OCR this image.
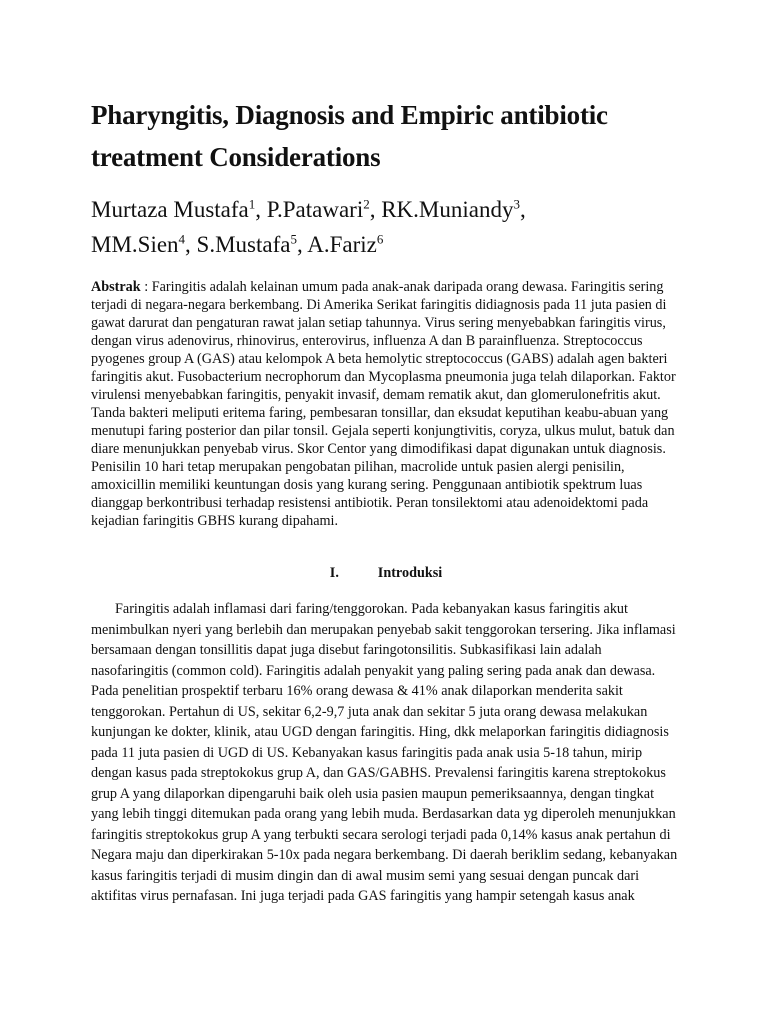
Pharyngitis, Diagnosis and Empiric antibiotic treatment Considerations

Murtaza Mustafa$^1$, P.Patawari$^2$, RK.Muniandy$^3$,
MM.Sien$^4$, S.Mustafa$^5$, A.Fariz$^6$

Abstrak : Faringitis adalah kelainan umum pada anak-anak daripada orang dewasa. Faringitis sering terjadi di negara-negara berkembang. Di Amerika Serikat faringitis didiagnosis pada 11 juta pasien di gawat darurat dan pengaturan rawat jalan setiap tahunnya. Virus sering menyebabkan faringitis virus, dengan virus adenovirus, rhinovirus, enterovirus, influenza A dan B parainfluenza. Streptococcus pyogenes group A (GAS) atau kelompok A beta hemolytic streptococcus (GABS) adalah agen bakteri faringitis akut. Fusobacterium necrophorum dan Mycoplasma pneumonia juga telah dilaporkan. Faktor virulensi menyebabkan faringitis, penyakit invasif, demam rematik akut, dan glomerulonefritis akut. Tanda bakteri meliputi eritema faring, pembesaran tonsillar, dan eksudat keputihan keabu-abuan yang menutupi faring posterior dan pilar tonsil. Gejala seperti konjungtivitis, coryza, ulkus mulut, batuk dan diare menunjukkan penyebab virus. Skor Centor yang dimodifikasi dapat digunakan untuk diagnosis. Penisilin 10 hari tetap merupakan pengobatan pilihan, macrolide untuk pasien alergi penisilin, amoxicillin memiliki keuntungan dosis yang kurang sering. Penggunaan antibiotik spektrum luas dianggap berkontribusi terhadap resistensi antibiotik. Peran tonsilektomi atau adenoidektomi pada kejadian faringitis GBHS kurang dipahami.

I.	Introduksi

Faringitis adalah inflamasi dari faring/tenggorokan. Pada kebanyakan kasus faringitis akut menimbulkan nyeri yang berlebih dan merupakan penyebab sakit tenggorokan tersering. Jika inflamasi bersamaan dengan tonsillitis dapat juga disebut faringotonsilitis. Subkasifikasi lain adalah nasofaringitis (common cold). Faringitis adalah penyakit yang paling sering pada anak dan dewasa. Pada penelitian prospektif terbaru 16% orang dewasa & 41% anak dilaporkan menderita sakit tenggorokan. Pertahun di US, sekitar 6,2-9,7 juta anak dan sekitar 5 juta orang dewasa melakukan kunjungan ke dokter, klinik, atau UGD dengan faringitis. Hing, dkk melaporkan faringitis didiagnosis pada 11 juta pasien di UGD di US. Kebanyakan kasus faringitis pada anak usia 5-18 tahun, mirip dengan kasus pada streptokokus grup A, dan GAS/GABHS. Prevalensi faringitis karena streptokokus grup A yang dilaporkan dipengaruhi baik oleh usia pasien maupun pemeriksaannya, dengan tingkat yang lebih tinggi ditemukan pada orang yang lebih muda. Berdasarkan data yg diperoleh menunjukkan faringitis streptokokus grup A yang terbukti secara serologi terjadi pada 0,14% kasus anak pertahun di Negara maju dan diperkirakan 5-10x pada negara berkembang. Di daerah beriklim sedang, kebanyakan kasus faringitis terjadi di musim dingin dan di awal musim semi yang sesuai dengan puncak dari aktifitas virus pernafasan. Ini juga terjadi pada GAS faringitis yang hampir setengah kasus anak
